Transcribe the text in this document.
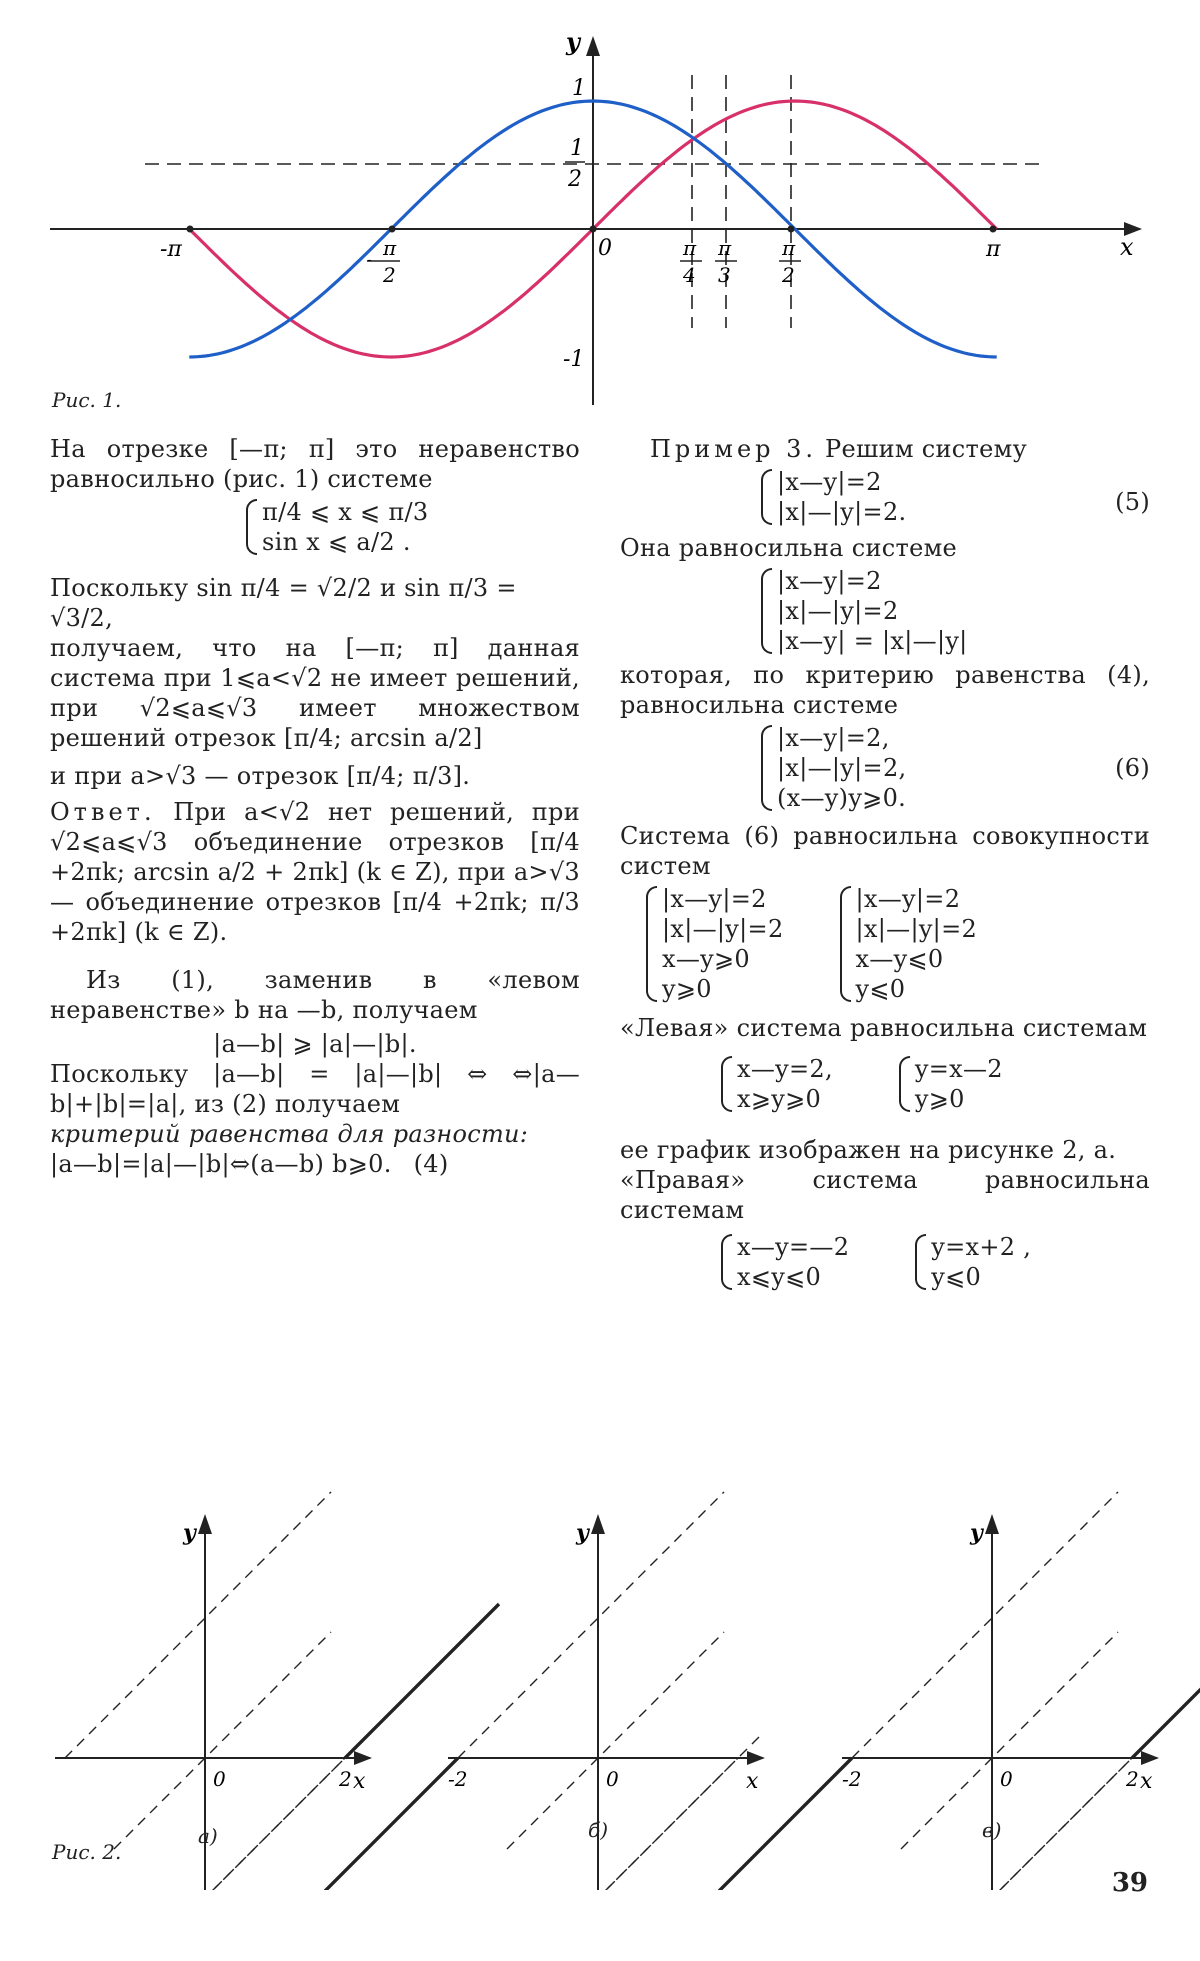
y
x
1
1
2
-1
0
-π	π
-
2
π
4
π
3
π
2
π
Рис. 1.

На отрезке [—π; π] это неравенство равносильно (рис. 1) системе

π/4 ⩽ x ⩽ π/3
sin x ⩽ a/2 .

Поскольку sin π/4 = √2/2 и sin π/3 = √3/2,

получаем, что на [—π; π] данная система при 1⩽a<√2 не имеет решений, при √2⩽a⩽√3 имеет множеством решений отрезок [π/4; arcsin a/2]

и при a>√3 — отрезок [π/4; π/3].

Ответ. При a<√2 нет решений, при √2⩽a⩽√3 объединение отрезков [π/4 +2πk; arcsin a/2 + 2πk] (k ∈ Z), при a>√3 — объединение отрезков [π/4 +2πk; π/3 +2πk] (k ∈ Z).

Из (1), заменив в «левом неравенстве» b на —b, получаем

|a—b| ⩾ |a|—|b|.

Поскольку |a—b| = |a|—|b| ⇔ ⇔|a—b|+|b|=|a|, из (2) получаем

критерий равенства для разности:

|a—b|=|a|—|b|⇔(a—b) b⩾0. (4)

Пример 3. Решим систему

|x—y|=2
|x|—|y|=2.	(5)

Она равносильна системе

|x—y|=2
|x|—|y|=2
|x—y| = |x|—|y|

которая, по критерию равенства (4), равносильна системе

|x—y|=2,
|x|—|y|=2,
(x—y)y⩾0.
(6)

Система (6) равносильна совокупности систем

|x—y|=2
|x|—|y|=2
x—y⩾0
y⩾0
|x—y|=2
|x|—|y|=2
x—y⩽0
y⩽0

«Левая» система равносильна системам

x—y=2,
x⩾y⩾0
y=x—2
y⩾0

ее график изображен на рисунке 2, а.

«Правая» система равносильна системам

x—y=—2
x⩽y⩽0
y=x+2 ,
y⩽0
y
x
0	2
y
x
0
-2
y
x
0	2
-2
Рис. 2.
а)	б)	в)
39
